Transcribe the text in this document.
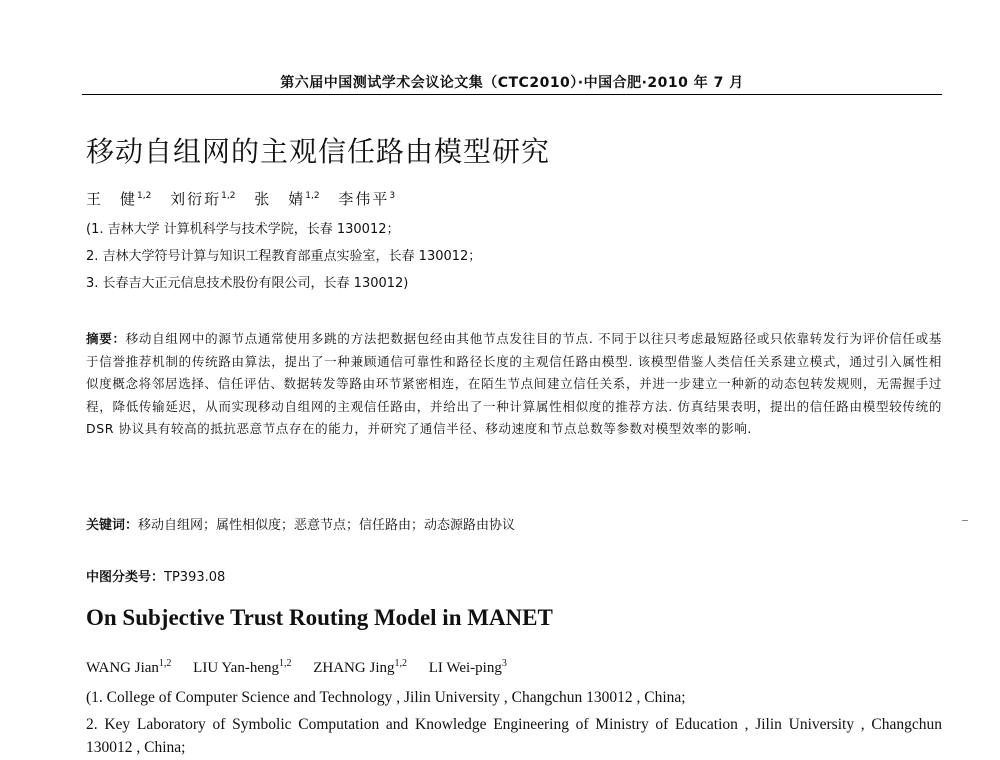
第六届中国测试学术会议论文集（CTC2010）·中国合肥·2010 年 7 月
移动自组网的主观信任路由模型研究
王　健$^{1,2}$ 刘衍珩$^{1,2}$ 张　婧$^{1,2}$ 李伟平$^3$
(1. 吉林大学 计算机科学与技术学院，长春 130012；
2. 吉林大学符号计算与知识工程教育部重点实验室，长春 130012；
3. 长春吉大正元信息技术股份有限公司，长春 130012)
摘要：移动自组网中的源节点通常使用多跳的方法把数据包经由其他节点发往目的节点. 不同于以往只考虑最短路径或只依靠转发行为评价信任或基于信誉推荐机制的传统路由算法，提出了一种兼顾通信可靠性和路径长度的主观信任路由模型. 该模型借鉴人类信任关系建立模式，通过引入属性相似度概念将邻居选择、信任评估、数据转发等路由环节紧密相连，在陌生节点间建立信任关系，并进一步建立一种新的动态包转发规则，无需握手过程，降低传输延迟，从而实现移动自组网的主观信任路由，并给出了一种计算属性相似度的推荐方法. 仿真结果表明，提出的信任路由模型较传统的 DSR 协议具有较高的抵抗恶意节点存在的能力，并研究了通信半径、移动速度和节点总数等参数对模型效率的影响.
关键词：移动自组网；属性相似度；恶意节点；信任路由；动态源路由协议
中图分类号：TP393.08
On Subjective Trust Routing Model in MANET
WANG Jian$^{1,2}$ LIU Yan-heng$^{1,2}$ ZHANG Jing$^{1,2}$ LI Wei-ping$^3$
(1. College of Computer Science and Technology , Jilin University , Changchun 130012 , China;
2. Key Laboratory of Symbolic Computation and Knowledge Engineering of Ministry of Education , Jilin University , Changchun 130012 , China;
